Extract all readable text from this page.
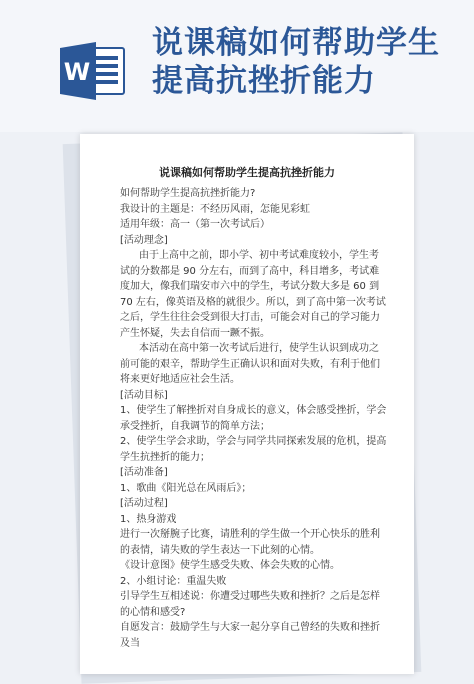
W
说课稿如何帮助学生提高抗挫折能力
说课稿如何帮助学生提高抗挫折能力

如何帮助学生提高抗挫折能力?

我设计的主题是：不经历风雨，怎能见彩虹

适用年级：高一（第一次考试后）

[活动理念]

由于上高中之前，即小学、初中考试难度较小，学生考试的分数都是 90 分左右，而到了高中，科目增多，考试难度加大，像我们瑞安市六中的学生，考试分数大多是 60 到 70 左右，像英语及格的就很少。所以，到了高中第一次考试之后，学生往往会受到很大打击，可能会对自己的学习能力产生怀疑，失去自信而一蹶不振。

本活动在高中第一次考试后进行，使学生认识到成功之前可能的艰辛，帮助学生正确认识和面对失败，有利于他们将来更好地适应社会生活。

[活动目标]

1、使学生了解挫折对自身成长的意义，体会感受挫折，学会承受挫折，自我调节的简单方法；

2、使学生学会求助，学会与同学共同探索发展的危机，提高学生抗挫折的能力；

[活动准备]

1、歌曲《阳光总在风雨后》；

[活动过程]

1、热身游戏

进行一次掰腕子比赛，请胜利的学生做一个开心快乐的胜利的表情，请失败的学生表达一下此刻的心情。

《设计意图》使学生感受失败、体会失败的心情。

2、小组讨论：重温失败

引导学生互相述说：你遭受过哪些失败和挫折？之后是怎样的心情和感受?

自愿发言：鼓励学生与大家一起分享自己曾经的失败和挫折及当
